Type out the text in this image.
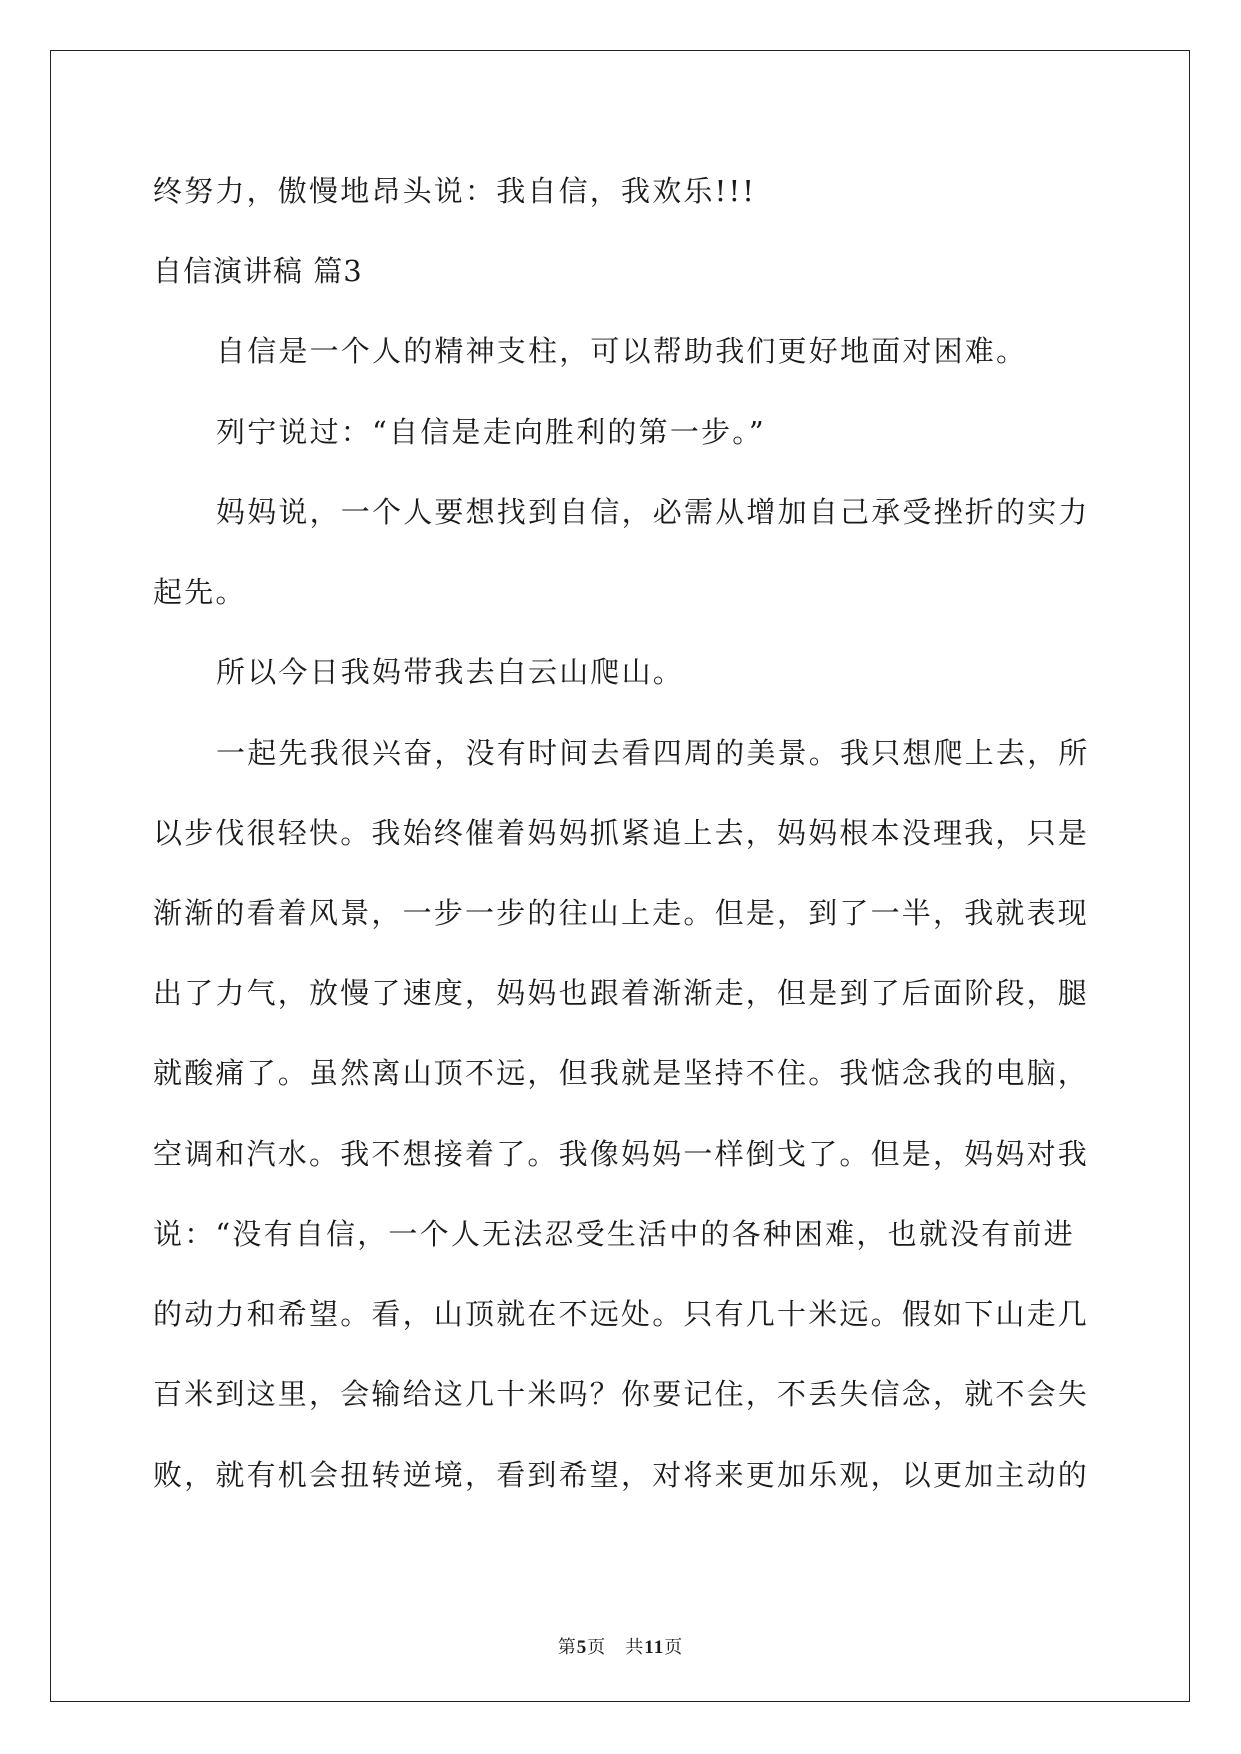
终努力，傲慢地昂头说：我自信，我欢乐!!!
自信演讲稿 篇3
自信是一个人的精神支柱，可以帮助我们更好地面对困难。
列宁说过：“自信是走向胜利的第一步。”
妈妈说，一个人要想找到自信，必需从增加自己承受挫折的实力
起先。
所以今日我妈带我去白云山爬山。
一起先我很兴奋，没有时间去看四周的美景。我只想爬上去，所
以步伐很轻快。我始终催着妈妈抓紧追上去，妈妈根本没理我，只是
渐渐的看着风景，一步一步的往山上走。但是，到了一半，我就表现
出了力气，放慢了速度，妈妈也跟着渐渐走，但是到了后面阶段，腿
就酸痛了。虽然离山顶不远，但我就是坚持不住。我惦念我的电脑，
空调和汽水。我不想接着了。我像妈妈一样倒戈了。但是，妈妈对我
说：“没有自信，一个人无法忍受生活中的各种困难，也就没有前进
的动力和希望。看，山顶就在不远处。只有几十米远。假如下山走几
百米到这里，会输给这几十米吗？你要记住，不丢失信念，就不会失
败，就有机会扭转逆境，看到希望，对将来更加乐观，以更加主动的
第5页　共11页
